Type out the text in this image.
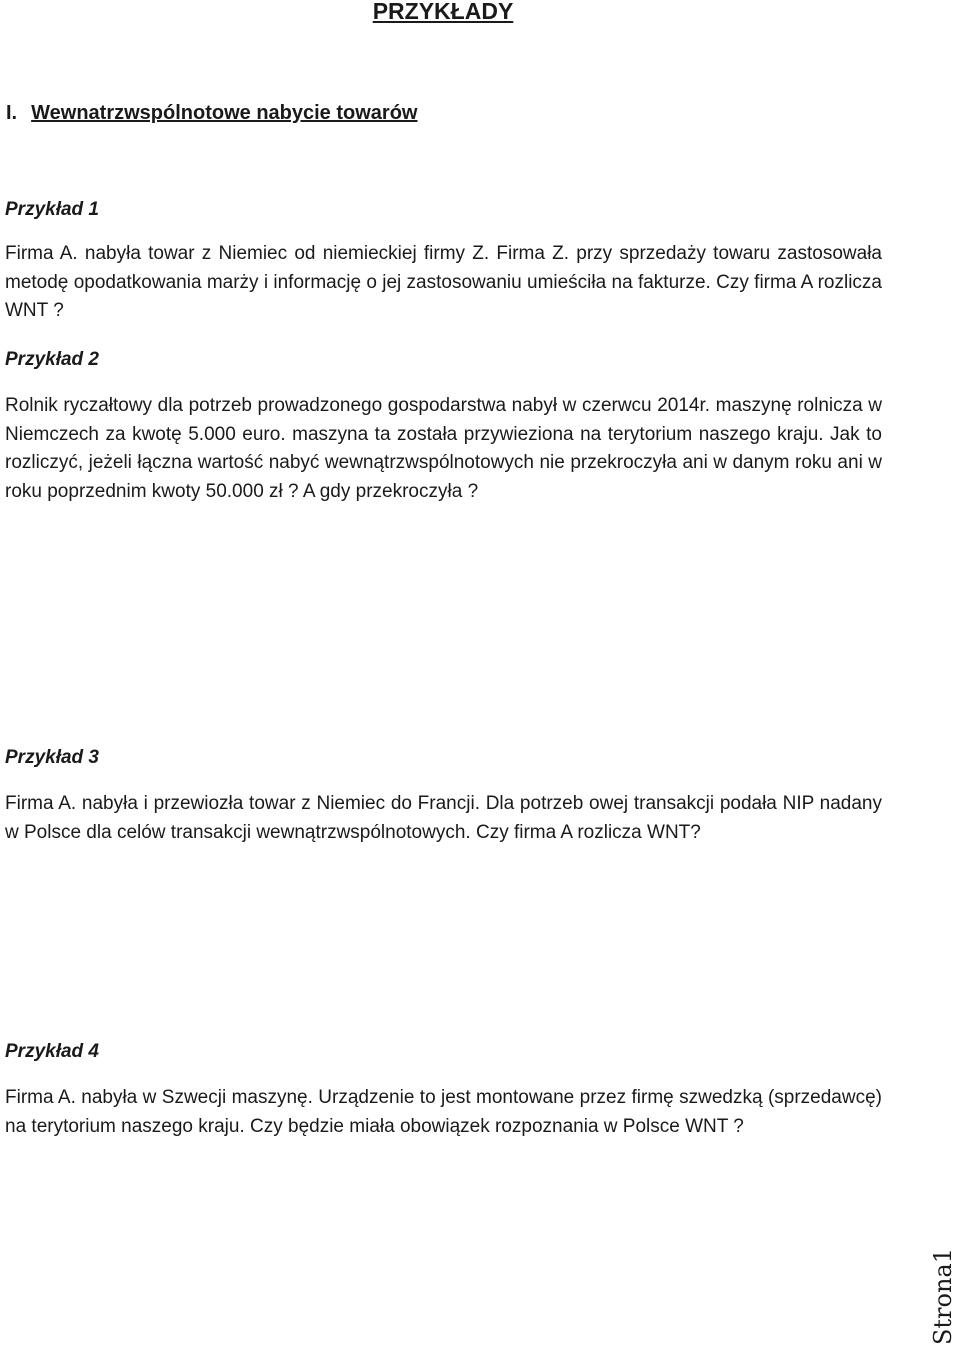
PRZYKŁADY
I. Wewnatrzwspólnotowe nabycie towarów

Przykład 1

Firma A. nabyła towar z Niemiec od niemieckiej firmy Z. Firma Z. przy sprzedaży towaru zastosowała metodę opodatkowania marży i informację o jej zastosowaniu umieściła na fakturze. Czy firma A rozlicza WNT ?

Przykład 2

Rolnik ryczałtowy dla potrzeb prowadzonego gospodarstwa nabył w czerwcu 2014r. maszynę rolnicza w Niemczech za kwotę 5.000 euro. maszyna ta została przywieziona na terytorium naszego kraju. Jak to rozliczyć, jeżeli łączna wartość nabyć wewnątrzwspólnotowych nie przekroczyła ani w danym roku ani w roku poprzednim kwoty 50.000 zł ? A gdy przekroczyła ?

Przykład 3

Firma A. nabyła i przewiozła towar z Niemiec do Francji. Dla potrzeb owej transakcji podała NIP nadany w Polsce dla celów transakcji wewnątrzwspólnotowych. Czy firma A rozlicza WNT?

Przykład 4

Firma A. nabyła w Szwecji maszynę. Urządzenie to jest montowane przez firmę szwedzką (sprzedawcę) na terytorium naszego kraju. Czy będzie miała obowiązek rozpoznania w Polsce WNT ?

Strona1
